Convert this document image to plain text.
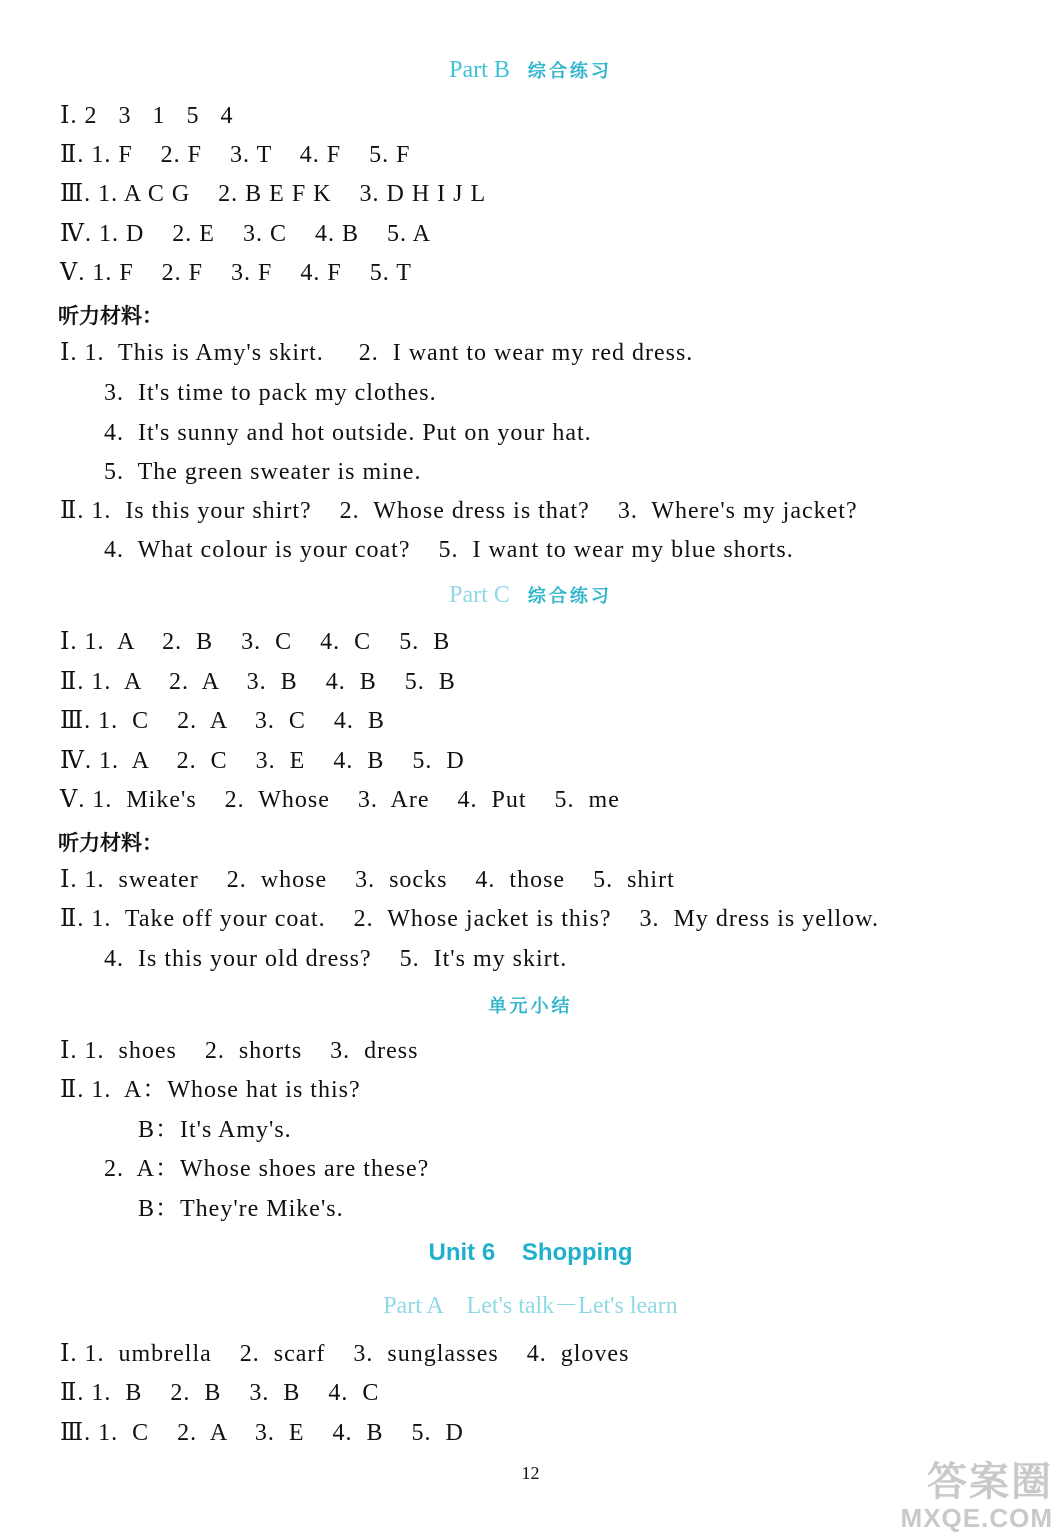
Part B 综合练习
Ⅰ. 2   3   1   5   4
Ⅱ. 1. F    2. F    3. T    4. F    5. F
Ⅲ. 1. A C G    2. B E F K    3. D H I J L
Ⅳ. 1. D    2. E    3. C    4. B    5. A
Ⅴ. 1. F    2. F    3. F    4. F    5. T
听力材料：
Ⅰ. 1.  This is Amy's skirt.     2.  I want to wear my red dress.
3.  It's time to pack my clothes.
4.  It's sunny and hot outside. Put on your hat.
5.  The green sweater is mine.
Ⅱ. 1.  Is this your shirt?    2.  Whose dress is that?    3.  Where's my jacket?
4.  What colour is your coat?    5.  I want to wear my blue shorts.
Part C 综合练习
Ⅰ. 1.  A    2.  B    3.  C    4.  C    5.  B
Ⅱ. 1.  A    2.  A    3.  B    4.  B    5.  B
Ⅲ. 1.  C    2.  A    3.  C    4.  B
Ⅳ. 1.  A    2.  C    3.  E    4.  B    5.  D
Ⅴ. 1.  Mike's    2.  Whose    3.  Are    4.  Put    5.  me
听力材料：
Ⅰ. 1.  sweater    2.  whose    3.  socks    4.  those    5.  shirt
Ⅱ. 1.  Take off your coat.    2.  Whose jacket is this?    3.  My dress is yellow.
4.  Is this your old dress?    5.  It's my skirt.
单元小结
Ⅰ. 1.  shoes    2.  shorts    3.  dress
Ⅱ. 1.  A：Whose hat is this?
B：It's Amy's.
2.  A：Whose shoes are these?
B：They're Mike's.
Unit 6    Shopping
Part A    Let's talk－Let's learn
Ⅰ. 1.  umbrella    2.  scarf    3.  sunglasses    4.  gloves
Ⅱ. 1.  B    2.  B    3.  B    4.  C
Ⅲ. 1.  C    2.  A    3.  E    4.  B    5.  D
12	答案圈
MXQE.COM
